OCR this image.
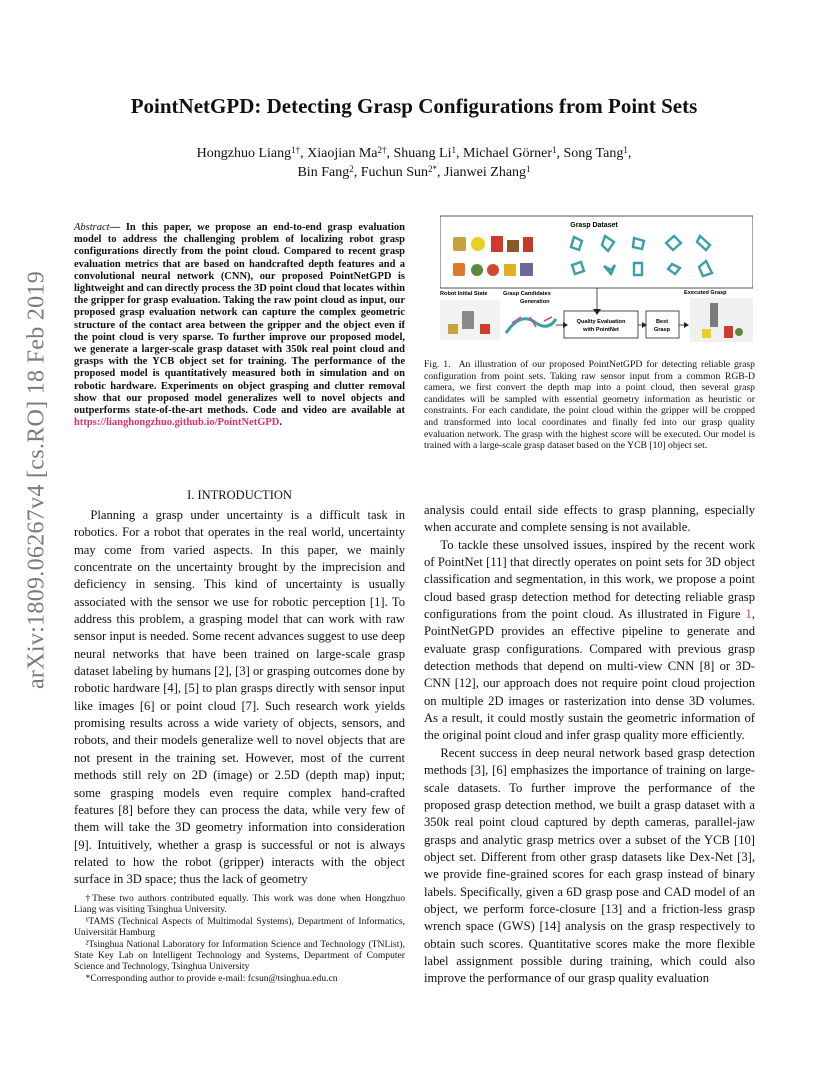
arXiv:1809.06267v4 [cs.RO] 18 Feb 2019
PointNetGPD: Detecting Grasp Configurations from Point Sets
Hongzhuo Liang$^{1\dagger}$, Xiaojian $Ma^{2\dagger}$, Shuang Li$^1$, Michael Görner$^1$, Song Tang$^1$,
Bin Fang$^2$, Fuchun Sun$^{2*}$, Jianwei Zhang$^1$
Abstract— In this paper, we propose an end-to-end grasp evaluation model to address the challenging problem of localizing robot grasp configurations directly from the point cloud. Compared to recent grasp evaluation metrics that are based on handcrafted depth features and a convolutional neural network (CNN), our proposed PointNetGPD is lightweight and can directly process the 3D point cloud that locates within the gripper for grasp evaluation. Taking the raw point cloud as input, our proposed grasp evaluation network can capture the complex geometric structure of the contact area between the gripper and the object even if the point cloud is very sparse. To further improve our proposed model, we generate a larger-scale grasp dataset with 350k real point cloud and grasps with the YCB object set for training. The performance of the proposed model is quantitatively measured both in simulation and on robotic hardware. Experiments on object grasping and clutter removal show that our proposed model generalizes well to novel objects and outperforms state-of-the-art methods. Code and video are available at https://lianghongzhuo.github.io/PointNetGPD.
I. INTRODUCTION

Planning a grasp under uncertainty is a difficult task in robotics. For a robot that operates in the real world, uncertainty may come from varied aspects. In this paper, we mainly concentrate on the uncertainty brought by the imprecision and deficiency in sensing. This kind of uncertainty is usually associated with the sensor we use for robotic perception [1]. To address this problem, a grasping model that can work with raw sensor input is needed. Some recent advances suggest to use deep neural networks that have been trained on large-scale grasp dataset labeling by humans [2], [3] or grasping outcomes done by robotic hardware [4], [5] to plan grasps directly with sensor input like images [6] or point cloud [7]. Such research work yields promising results across a wide variety of objects, sensors, and robots, and their models generalize well to novel objects that are not present in the training set. However, most of the current methods still rely on 2D (image) or 2.5D (depth map) input; some grasping models even require complex hand-crafted features [8] before they can process the data, while very few of them will take the 3D geometry information into consideration [9]. Intuitively, whether a grasp is successful or not is always related to how the robot (gripper) interacts with the object surface in 3D space; thus the lack of geometry

†These two authors contributed equally. This work was done when Hongzhuo Liang was visiting Tsinghua University.

¹TAMS (Technical Aspects of Multimodal Systems), Department of Informatics, Universität Hamburg

²Tsinghua National Laboratory for Information Science and Technology (TNList), State Key Lab on Intelligent Technology and Systems, Department of Computer Science and Technology, Tsinghua University

*Corresponding author to provide e-mail: fcsun@tsinghua.edu.cn

Grasp Dataset
Robot Initial State	Grasp Candidates
Generation
Executed Grasp
Quality Evaluation
with PointNet
Best
Grasp
Fig. 1. An illustration of our proposed PointNetGPD for detecting reliable grasp configuration from point sets. Taking raw sensor input from a common RGB-D camera, we first convert the depth map into a point cloud, then several grasp candidates will be sampled with essential geometry information as heuristic or constraints. For each candidate, the point cloud within the gripper will be cropped and transformed into local coordinates and finally fed into our grasp quality evaluation network. The grasp with the highest score will be executed. Our model is trained with a large-scale grasp dataset based on the YCB [10] object set.

analysis could entail side effects to grasp planning, especially when accurate and complete sensing is not available.

To tackle these unsolved issues, inspired by the recent work of PointNet [11] that directly operates on point sets for 3D object classification and segmentation, in this work, we propose a point cloud based grasp detection method for detecting reliable grasp configurations from the point cloud. As illustrated in Figure 1, PointNetGPD provides an effective pipeline to generate and evaluate grasp configurations. Compared with previous grasp detection methods that depend on multi-view CNN [8] or 3D-CNN [12], our approach does not require point cloud projection on multiple 2D images or rasterization into dense 3D volumes. As a result, it could mostly sustain the geometric information of the original point cloud and infer grasp quality more efficiently.

Recent success in deep neural network based grasp detection methods [3], [6] emphasizes the importance of training on large-scale datasets. To further improve the performance of the proposed grasp detection method, we built a grasp dataset with a 350k real point cloud captured by depth cameras, parallel-jaw grasps and analytic grasp metrics over a subset of the YCB [10] object set. Different from other grasp datasets like Dex-Net [3], we provide fine-grained scores for each grasp instead of binary labels. Specifically, given a 6D grasp pose and CAD model of an object, we perform force-closure [13] and a friction-less grasp wrench space (GWS) [14] analysis on the grasp respectively to obtain such scores. Quantitative scores make the more flexible label assignment possible during training, which could also improve the performance of our grasp quality evaluation
